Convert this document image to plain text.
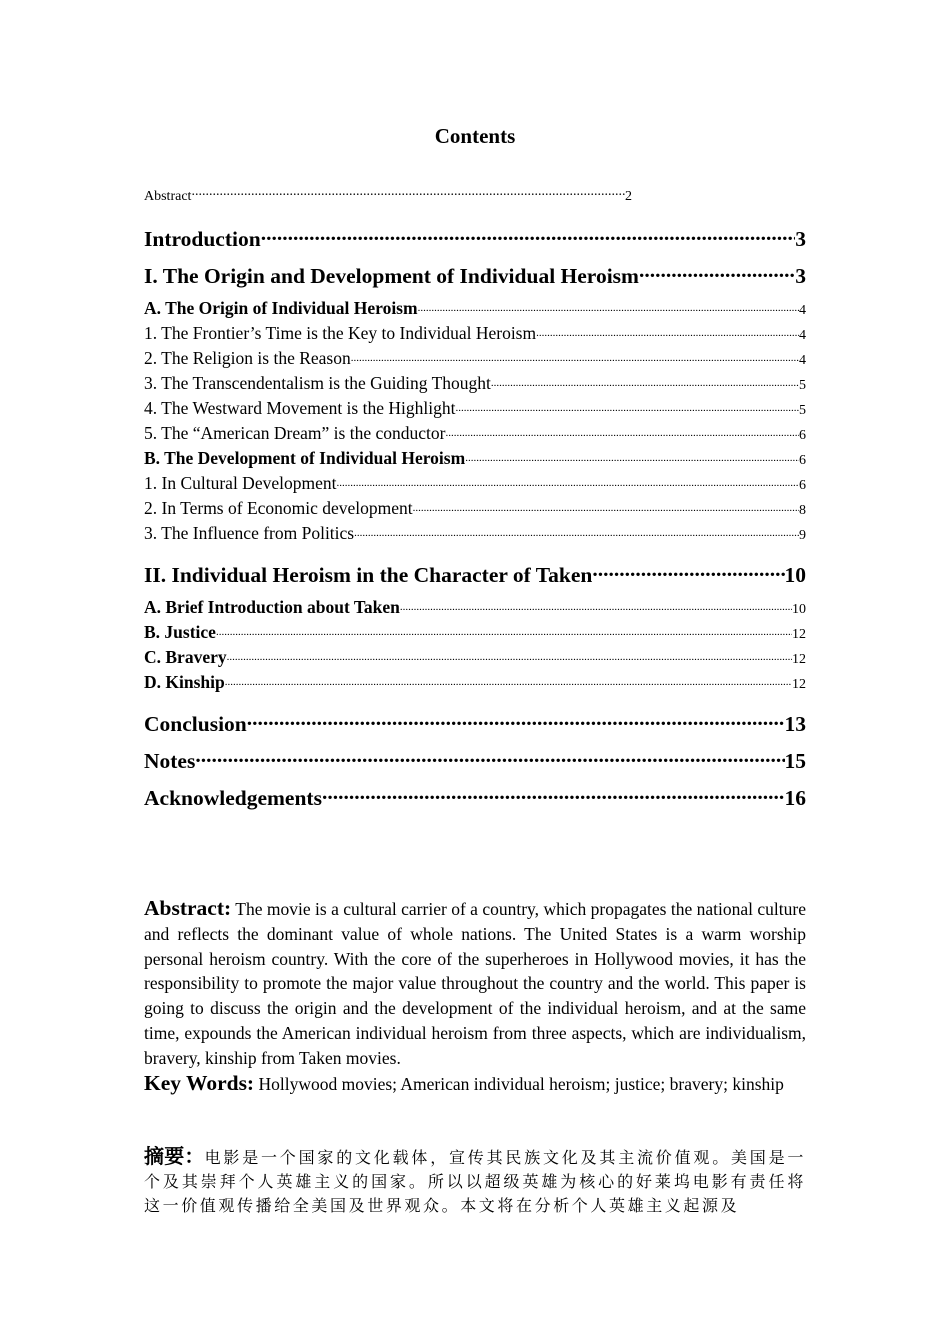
Contents
Abstract .....	2
Introduction .....	3
I. The Origin and Development of Individual Heroism .....	3
A. The Origin of Individual Heroism .....	4
1. The Frontier’s Time is the Key to Individual Heroism .....	4
2. The Religion is the Reason .....	4
3. The Transcendentalism is the Guiding Thought .....	5
4. The Westward Movement is the Highlight .....	5
5. The “American Dream” is the conductor .....	6
B. The Development of Individual Heroism .....	6
1. In Cultural Development .....	6
2. In Terms of Economic development .....	8
3. The Influence from Politics .....	9
II. Individual Heroism in the Character of Taken .....	10
A. Brief Introduction about Taken .....	10
B. Justice .....	12
C. Bravery .....	12
D. Kinship .....	12
Conclusion .....	13
Notes .....	15
Acknowledgements .....	16
Abstract: The movie is a cultural carrier of a country, which propagates the national culture and reflects the dominant value of whole nations. The United States is a warm worship personal heroism country. With the core of the superheroes in Hollywood movies, it has the responsibility to promote the major value throughout the country and the world. This paper is going to discuss the origin and the development of the individual heroism, and at the same time, expounds the American individual heroism from three aspects, which are individualism, bravery, kinship from Taken movies.
Key Words: Hollywood movies; American individual heroism; justice; bravery; kinship
摘要：电影是一个国家的文化载体，宣传其民族文化及其主流价值观。美国是一个及其崇拜个人英雄主义的国家。所以以超级英雄为核心的好莱坞电影有责任将这一价值观传播给全美国及世界观众。本文将在分析个人英雄主义起源及
